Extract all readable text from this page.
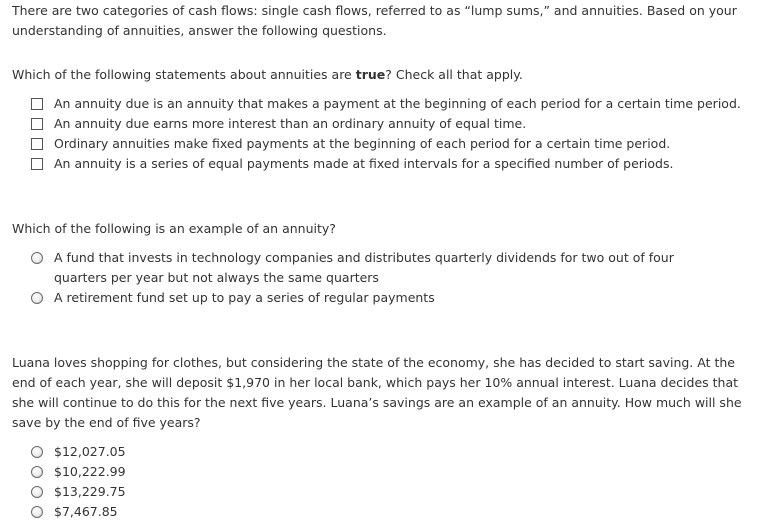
There are two categories of cash flows: single cash flows, referred to as “lump sums,” and annuities. Based on your understanding of annuities, answer the following questions.

Which of the following statements about annuities are true? Check all that apply.

An annuity due is an annuity that makes a payment at the beginning of each period for a certain time period.
An annuity due earns more interest than an ordinary annuity of equal time.
Ordinary annuities make fixed payments at the beginning of each period for a certain time period.
An annuity is a series of equal payments made at fixed intervals for a specified number of periods.

Which of the following is an example of an annuity?

A fund that invests in technology companies and distributes quarterly dividends for two out of four quarters per year but not always the same quarters
A retirement fund set up to pay a series of regular payments

Luana loves shopping for clothes, but considering the state of the economy, she has decided to start saving. At the end of each year, she will deposit $1,970 in her local bank, which pays her 10% annual interest. Luana decides that she will continue to do this for the next five years. Luana’s savings are an example of an annuity. How much will she save by the end of five years?

$12,027.05
$10,222.99
$13,229.75
$7,467.85
